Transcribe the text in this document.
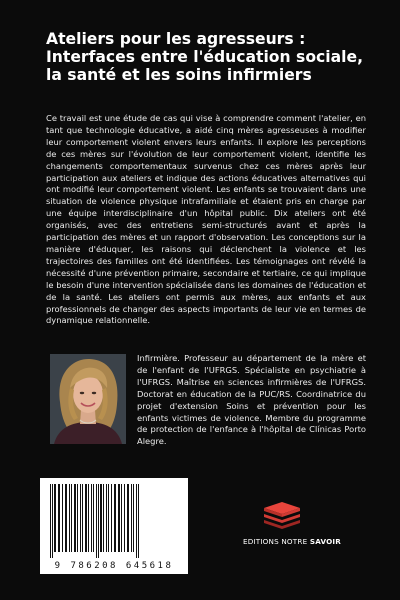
Ateliers pour les agresseurs : Interfaces entre l'éducation sociale, la santé et les soins infirmiers

Ce travail est une étude de cas qui vise à comprendre comment l'atelier, en tant que technologie éducative, a aidé cinq mères agresseuses à modifier leur comportement violent envers leurs enfants. Il explore les perceptions de ces mères sur l'évolution de leur comportement violent, identifie les changements comportementaux survenus chez ces mères après leur participation aux ateliers et indique des actions éducatives alternatives qui ont modifié leur comportement violent. Les enfants se trouvaient dans une situation de violence physique intrafamiliale et étaient pris en charge par une équipe interdisciplinaire d'un hôpital public. Dix ateliers ont été organisés, avec des entretiens semi-structurés avant et après la participation des mères et un rapport d'observation. Les conceptions sur la manière d'éduquer, les raisons qui déclenchent la violence et les trajectoires des familles ont été identifiées. Les témoignages ont révélé la nécessité d'une prévention primaire, secondaire et tertiaire, ce qui implique le besoin d'une intervention spécialisée dans les domaines de l'éducation et de la santé. Les ateliers ont permis aux mères, aux enfants et aux professionnels de changer des aspects importants de leur vie en termes de dynamique relationnelle.

Infirmière. Professeur au département de la mère et de l'enfant de l'UFRGS. Spécialiste en psychiatrie à l'UFRGS. Maîtrise en sciences infirmières de l'UFRGS. Doctorat en éducation de la PUC/RS. Coordinatrice du projet d'extension Soins et prévention pour les enfants victimes de violence. Membre du programme de protection de l'enfance à l'hôpital de Clínicas Porto Alegre.

9 786208 645618
EDITIONS NOTRE SAVOIR
